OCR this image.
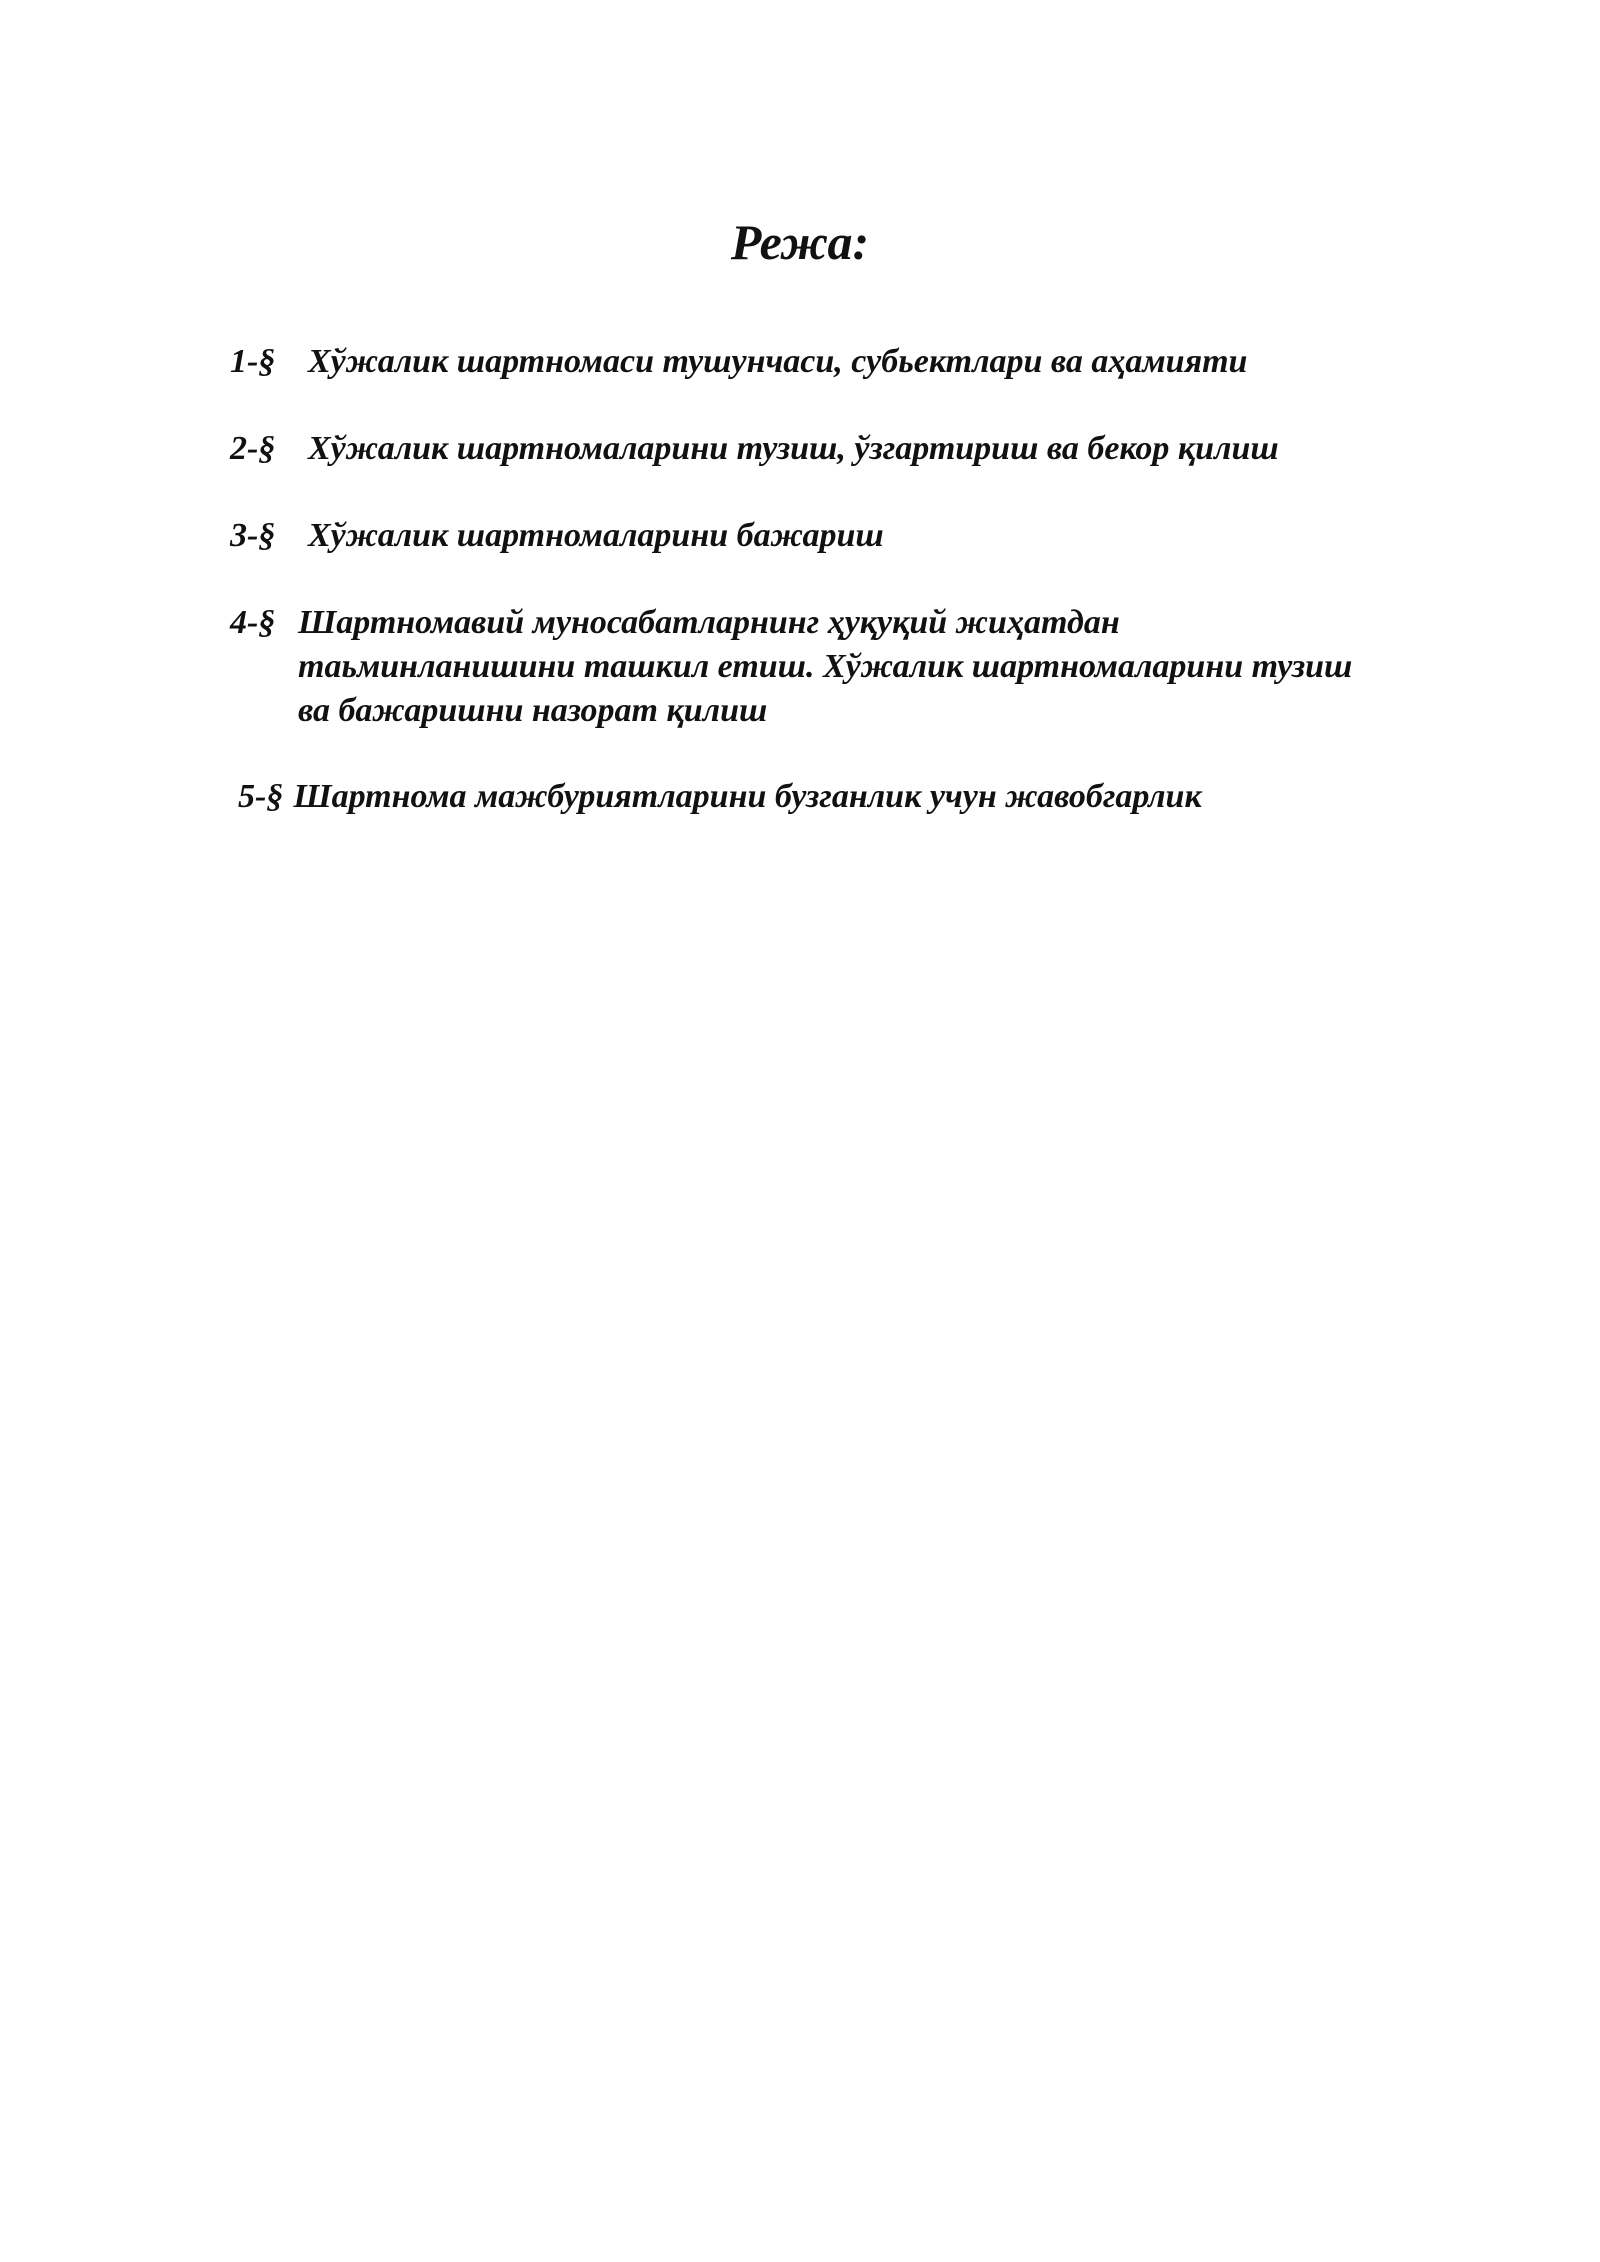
Режа:
1-§ Хўжалик шартномаси тушунчаси, субьектлари ва аҳамияти
2-§ Хўжалик шартномаларини тузиш, ўзгартириш ва бекор қилиш
3-§ Хўжалик шартномаларини бажариш
4-§ Шартномавий муносабатларнинг ҳуқуқий жиҳатдан
таьминланишини ташкил етиш. Хўжалик шартномаларини тузиш
ва бажаришни назорат қилиш
5-§ Шартнома мажбуриятларини бузганлик учун жавобгарлик
